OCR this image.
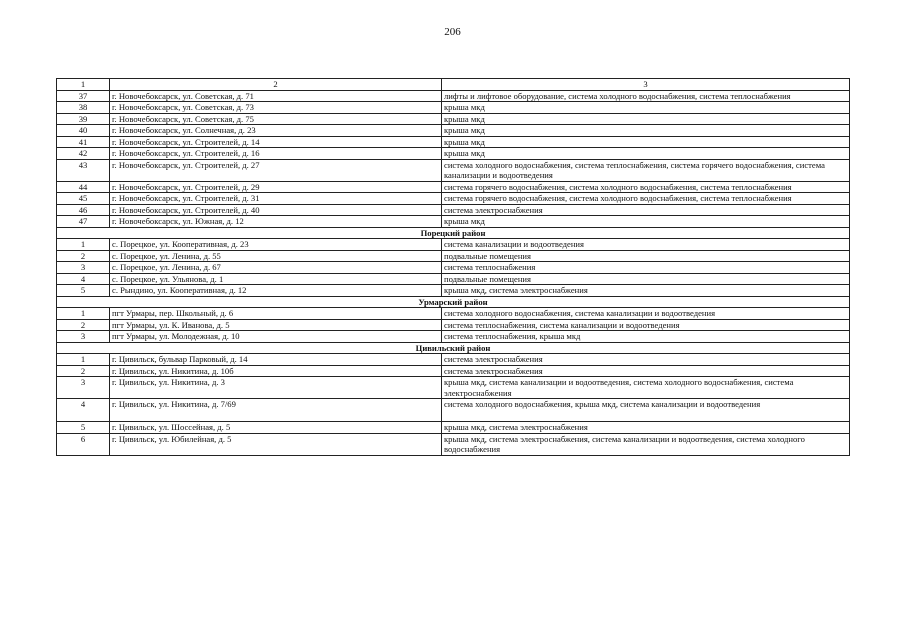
206
1	2	3
37	г. Новочебоксарск, ул. Советская, д. 71	лифты и лифтовое оборудование, система холодного водоснабжения, система теплоснабжения
38	г. Новочебоксарск, ул. Советская, д. 73	крыша мкд
39	г. Новочебоксарск, ул. Советская, д. 75	крыша мкд
40	г. Новочебоксарск, ул. Солнечная, д. 23	крыша мкд
41	г. Новочебоксарск, ул. Строителей, д. 14	крыша мкд
42	г. Новочебоксарск, ул. Строителей, д. 16	крыша мкд
43	г. Новочебоксарск, ул. Строителей, д. 27	система холодного водоснабжения, система теплоснабжения, система горячего водоснабжения, система канализации и водоотведения
44	г. Новочебоксарск, ул. Строителей, д. 29	система горячего водоснабжения, система холодного водоснабжения, система теплоснабжения
45	г. Новочебоксарск, ул. Строителей, д. 31	система горячего водоснабжения, система холодного водоснабжения, система теплоснабжения
46	г. Новочебоксарск, ул. Строителей, д. 40	система электроснабжения
47	г. Новочебоксарск, ул. Южная, д. 12	крыша мкд
Порецкий район		
1	с. Порецкое, ул. Кооперативная, д. 23	система канализации и водоотведения
2	с. Порецкое, ул. Ленина, д. 55	подвальные помещения
3	с. Порецкое, ул. Ленина, д. 67	система теплоснабжения
4	с. Порецкое, ул. Ульянова, д. 1	подвальные помещения
5	с. Рындино, ул. Кооперативная, д. 12	крыша мкд, система электроснабжения
Урмарский район		
1	пгт Урмары, пер. Школьный, д. 6	система холодного водоснабжения, система канализации и водоотведения
2	пгт Урмары, ул. К. Иванова, д. 5	система теплоснабжения, система канализации и водоотведения
3	пгт Урмары, ул. Молодежная, д. 10	система теплоснабжения, крыша мкд
Цивильский район		
1	г. Цивильск, бульвар Парковый, д. 14	система электроснабжения
2	г. Цивильск, ул. Никитина, д. 10б	система электроснабжения
3	г. Цивильск, ул. Никитина, д. 3	крыша мкд, система канализации и водоотведения, система холодного водоснабжения, система электроснабжения
4	г. Цивильск, ул. Никитина, д. 7/69	система холодного водоснабжения, крыша мкд, система канализации и водоотведения
5	г. Цивильск, ул. Шоссейная, д. 5	крыша мкд, система электроснабжения
6	г. Цивильск, ул. Юбилейная, д. 5	крыша мкд, система электроснабжения, система канализации и водоотведения, система холодного водоснабжения
